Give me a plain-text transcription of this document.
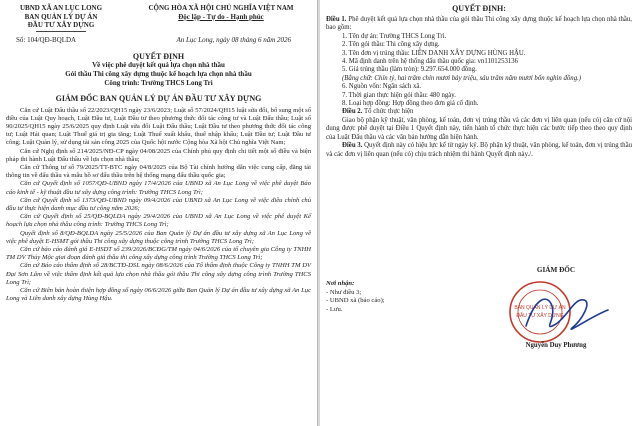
UBND XÃ AN LỤC LONG
BAN QUẢN LÝ DỰ ÁN
ĐẦU TƯ XÂY DỰNG
CỘNG HÒA XÃ HỘI CHỦ NGHĨA VIỆT NAM
Độc lập - Tự do - Hạnh phúc
Số: 104/QĐ-BQLDA	An Lục Long, ngày 08 tháng 6 năm 2026
QUYẾT ĐỊNH
Về việc phê duyệt kết quả lựa chọn nhà thầu
Gói thầu Thi công xây dựng thuộc kế hoạch lựa chọn nhà thầu
Công trình: Trường THCS Long Trì
GIÁM ĐỐC BAN QUẢN LÝ DỰ ÁN ĐẦU TƯ XÂY DỰNG

Căn cứ Luật Đấu thầu số 22/2023/QH15 ngày 23/6/2023; Luật số 57/2024/QH15 luật sửa đổi, bổ sung một số điều của Luật Quy hoạch, Luật Đầu tư, Luật Đầu tư theo phương thức đối tác công tư và Luật Đấu thầu; Luật số 90/2025/QH15 ngày 25/6/2025 quy định Luật sửa đổi Luật Đấu thầu; Luật Đầu tư theo phương thức đối tác công tư; Luật Hải quan; Luật Thuế giá trị gia tăng; Luật Thuế xuất khẩu, thuế nhập khẩu; Luật Đầu tư; Luật Đầu tư công; Luật Quản lý, sử dụng tài sản công 2025 của Quốc hội nước Cộng hòa Xã hội Chủ nghĩa Việt Nam;

Căn cứ Nghị định số 214/2025/NĐ-CP ngày 04/08/2025 của Chính phủ quy định chi tiết một số điều và biện pháp thi hành Luật Đấu thầu về lựa chọn nhà thầu;

Căn cứ Thông tư số 79/2025/TT-BTC ngày 04/8/2025 của Bộ Tài chính hướng dẫn việc cung cấp, đăng tải thông tin về đấu thầu và mẫu hồ sơ đấu thầu trên hệ thống mạng đấu thầu quốc gia;

Căn cứ Quyết định số 1057/QĐ-UBND ngày 17/4/2026 của UBND xã An Lục Long về việc phê duyệt Báo cáo kinh tế - kỹ thuật đầu tư xây dựng công trình: Trường THCS Long Trì;

Căn cứ Quyết định số 1373/QĐ-UBND ngày 09/4/2026 của UBND xã An Lục Long về việc điều chỉnh chủ đầu tư thực hiện danh mục đầu tư công năm 2026;

Căn cứ Quyết định số 25/QĐ-BQLDA ngày 29/4/2026 của UBND xã An Lục Long về việc phê duyệt Kế hoạch lựa chọn nhà thầu công trình: Trường THCS Long Trì;

Quyết định số 8/QĐ-BQLDA ngày 25/5/2026 của Ban Quản lý Dự án đầu tư xây dựng xã An Lục Long về việc phê duyệt E-HSMT gói thầu Thi công xây dựng thuộc công trình Trường THCS Long Trì;

Căn cứ báo cáo đánh giá E-HSDT số 239/2026/BCĐG/TM ngày 04/6/2026 của tổ chuyên gia Công ty TNHH TM DV Thủy Mộc giai đoạn đánh giá thầu thi công xây dựng công trình Trường THCS Long Trì;

Căn cứ Báo cáo thẩm định số 28/BCTĐ-DSL ngày 08/6/2026 của Tổ thẩm định thuộc Công ty TNHH TM DV Đại Sơn Lâm về việc thẩm định kết quả lựa chọn nhà thầu gói thầu Thi công xây dựng công trình Trường THCS Long Trì;

Căn cứ Biên bản hoàn thiện hợp đồng số ngày 06/6/2026 giữa Ban Quản lý Dự án đầu tư xây dựng xã An Lục Long và Liên danh xây dựng Hùng Hậu.

QUYẾT ĐỊNH:

Điều 1. Phê duyệt kết quả lựa chọn nhà thầu của gói thầu Thi công xây dựng thuộc kế hoạch lựa chọn nhà thầu, bao gồm:

1. Tên dự án: Trường THCS Long Trì.
2. Tên gói thầu: Thi công xây dựng.
3. Tên đơn vị trúng thầu: LIÊN DANH XÂY DỰNG HÙNG HẬU.
4. Mã định danh trên hệ thống dấu thầu quốc gia: vn1101253136
5. Giá trúng thầu (làm tròn): 9.297.654.000 đồng.

(Bằng chữ: Chín tỷ, hai trăm chín mươi bảy triệu, sáu trăm năm mươi bốn nghìn đồng.)

6. Nguồn vốn: Ngân sách xã.
7. Thời gian thực hiện gói thầu: 480 ngày.
8. Loại hợp đồng: Hợp đồng theo đơn giá cố định.

Điều 2. Tổ chức thực hiện

Giao bộ phận kỹ thuật, văn phòng, kế toán, đơn vị trúng thầu và các đơn vị liên quan (nếu có) căn cứ nội dung được phê duyệt tại Điều 1 Quyết định này, tiến hành tổ chức thực hiện các bước tiếp theo theo quy định của Luật Đấu thầu và các văn bản hướng dẫn hiện hành.

Điều 3. Quyết định này có hiệu lực kể từ ngày ký. Bộ phận kỹ thuật, văn phòng, kế toán, đơn vị trúng thầu và các đơn vị liên quan (nếu có) chịu trách nhiệm thi hành Quyết định này./.

Nơi nhận:
- Như điều 3;
- UBND xã (báo cáo);
- Lưu.
GIÁM ĐỐC
BAN QUẢN LÝ DỰ ÁN
ĐẦU TƯ XÂY DỰNG
Nguyễn Duy Phương
